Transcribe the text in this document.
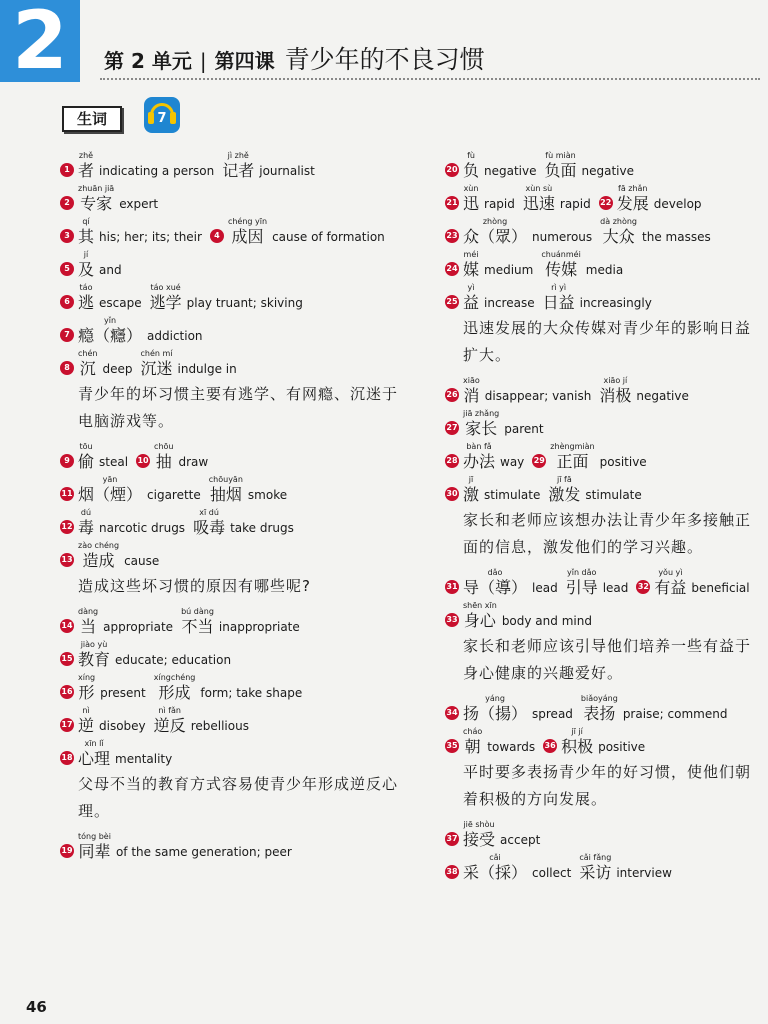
2	第 2 单元 | 第四课 青少年的不良习惯
生词	7
1
zhě
者 indicating a person
jì zhě
记者 journalist
2
zhuān jiā
专家 expert
3
qí
其 his; her; its; their	4
chéng yīn
成因 cause of formation
5
jí
及 and
6
táo
逃 escape
táo xué
逃学 play truant; skiving
7
yǐn
瘾（癮） addiction
8
chén
沉 deep
chén mí
沉迷 indulge in
青少年的坏习惯主要有逃学、有网瘾、沉迷于电脑游戏等。
9
tōu
偷 steal 10
chōu
抽 draw
11
yān
烟（煙） cigarette
chōuyān
抽烟 smoke
12
dú
毒 narcotic drugs
xī dú
吸毒 take drugs
13
zào chéng
造成 cause
造成这些坏习惯的原因有哪些呢?
14
dàng
当 appropriate
bú dàng
不当 inappropriate
15
jiào yù
教育 educate; education
16
xíng
形 present
xíngchéng
形成 form; take shape
17
nì
逆 disobey
nì fǎn
逆反 rebellious
18
xīn lǐ
心理 mentality
父母不当的教育方式容易使青少年形成逆反心理。
19
tóng bèi
同辈 of the same generation; peer
20
fù
负 negative
fù miàn
负面 negative
21
xùn
迅 rapid
xùn sù
迅速 rapid 22
fā zhǎn
发展 develop
23
zhòng
众（眾） numerous
dà zhòng
大众 the masses
24
méi
媒 medium
chuánméi
传媒 media
25
yì
益 increase
rì yì
日益 increasingly
迅速发展的大众传媒对青少年的影响日益扩大。
26
xiāo
消 disappear; vanish
xiāo jí
消极 negative
27
jiā zhǎng
家长 parent
28
bàn fǎ
办法 way 29
zhèngmiàn
正面 positive
30
jī
激 stimulate
jī fā
激发 stimulate
家长和老师应该想办法让青少年多接触正面的信息，激发他们的学习兴趣。
31
dǎo
导（導） lead
yǐn dǎo
引导 lead 32
yǒu yì
有益 beneficial
33
shēn xīn
身心 body and mind
家长和老师应该引导他们培养一些有益于身心健康的兴趣爱好。
34
yáng
扬（揚） spread
biǎoyáng
表扬 praise; commend
35
cháo
朝 towards 36
jī jí
积极 positive
平时要多表扬青少年的好习惯，使他们朝着积极的方向发展。
37
jiē shòu
接受 accept
38
cǎi
采（採） collect
cǎi fǎng
采访 interview
46
